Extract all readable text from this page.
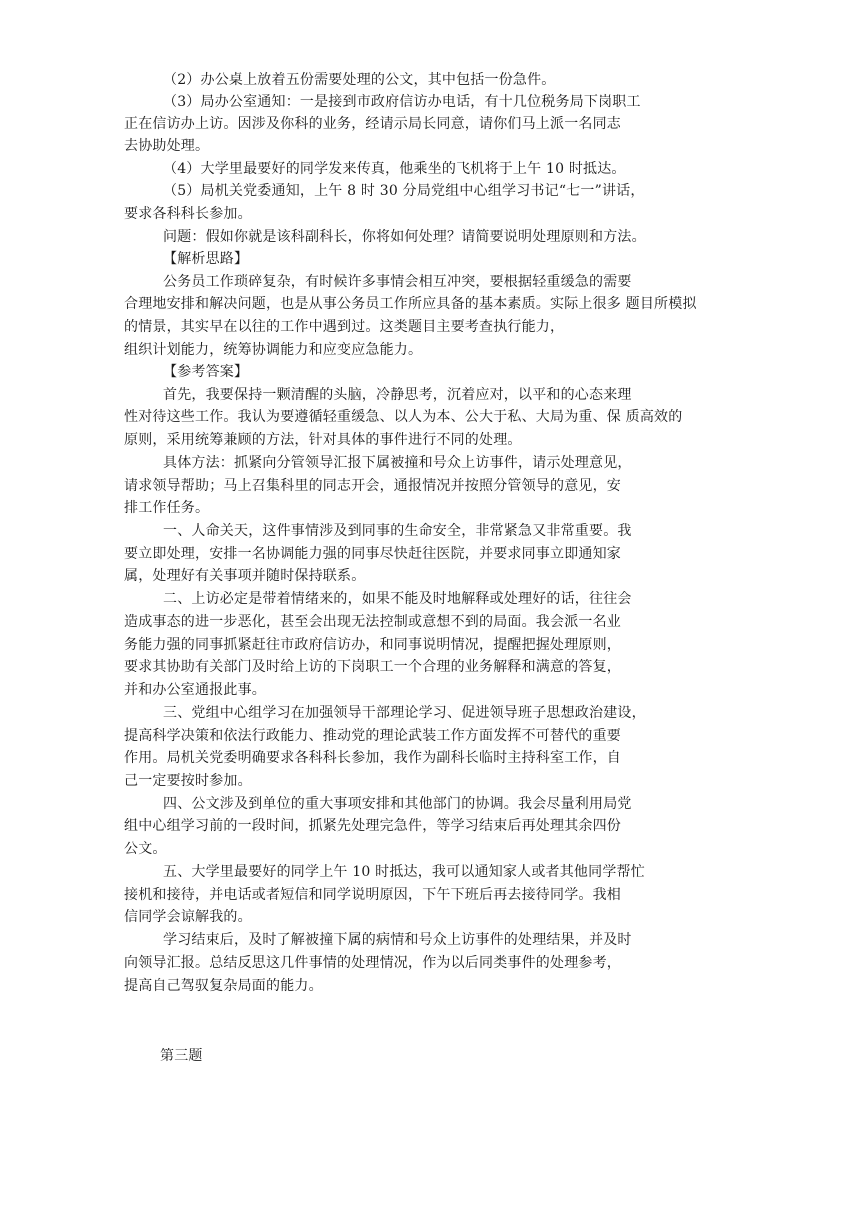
（2）办公桌上放着五份需要处理的公文，其中包括一份急件。
（3）局办公室通知：一是接到市政府信访办电话，有十几位税务局下岗职工
正在信访办上访。因涉及你科的业务，经请示局长同意，请你们马上派一名同志
去协助处理。
（4）大学里最要好的同学发来传真，他乘坐的飞机将于上午 10 时抵达。
（5）局机关党委通知，上午 8 时 30 分局党组中心组学习书记“七一”讲话，
要求各科科长参加。
问题：假如你就是该科副科长，你将如何处理？请简要说明处理原则和方法。
【解析思路】
公务员工作琐碎复杂，有时候许多事情会相互冲突，要根据轻重缓急的需要
合理地安排和解决问题，也是从事公务员工作所应具备的基本素质。实际上很多 题目所模拟
的情景，其实早在以往的工作中遇到过。这类题目主要考查执行能力，
组织计划能力，统筹协调能力和应变应急能力。
【参考答案】
首先，我要保持一颗清醒的头脑，冷静思考，沉着应对，以平和的心态来理
性对待这些工作。我认为要遵循轻重缓急、以人为本、公大于私、大局为重、保 质高效的
原则，采用统筹兼顾的方法，针对具体的事件进行不同的处理。
具体方法：抓紧向分管领导汇报下属被撞和号众上访事件，请示处理意见，
请求领导帮助；马上召集科里的同志开会，通报情况并按照分管领导的意见，安
排工作任务。
一、人命关天，这件事情涉及到同事的生命安全，非常紧急又非常重要。我
要立即处理，安排一名协调能力强的同事尽快赶往医院，并要求同事立即通知家
属，处理好有关事项并随时保持联系。
二、上访必定是带着情绪来的，如果不能及时地解释或处理好的话，往往会
造成事态的进一步恶化，甚至会出现无法控制或意想不到的局面。我会派一名业
务能力强的同事抓紧赶往市政府信访办，和同事说明情况，提醒把握处理原则，
要求其协助有关部门及时给上访的下岗职工一个合理的业务解释和满意的答复，
并和办公室通报此事。
三、党组中心组学习在加强领导干部理论学习、促进领导班子思想政治建设，
提高科学决策和依法行政能力、推动党的理论武装工作方面发挥不可替代的重要
作用。局机关党委明确要求各科科长参加，我作为副科长临时主持科室工作，自
己一定要按时参加。
四、公文涉及到单位的重大事项安排和其他部门的协调。我会尽量利用局党
组中心组学习前的一段时间，抓紧先处理完急件，等学习结束后再处理其余四份
公文。
五、大学里最要好的同学上午 10 时抵达，我可以通知家人或者其他同学帮忙
接机和接待，并电话或者短信和同学说明原因，下午下班后再去接待同学。我相
信同学会谅解我的。
学习结束后，及时了解被撞下属的病情和号众上访事件的处理结果，并及时
向领导汇报。总结反思这几件事情的处理情况，作为以后同类事件的处理参考，
提高自己驾驭复杂局面的能力。
第三题
